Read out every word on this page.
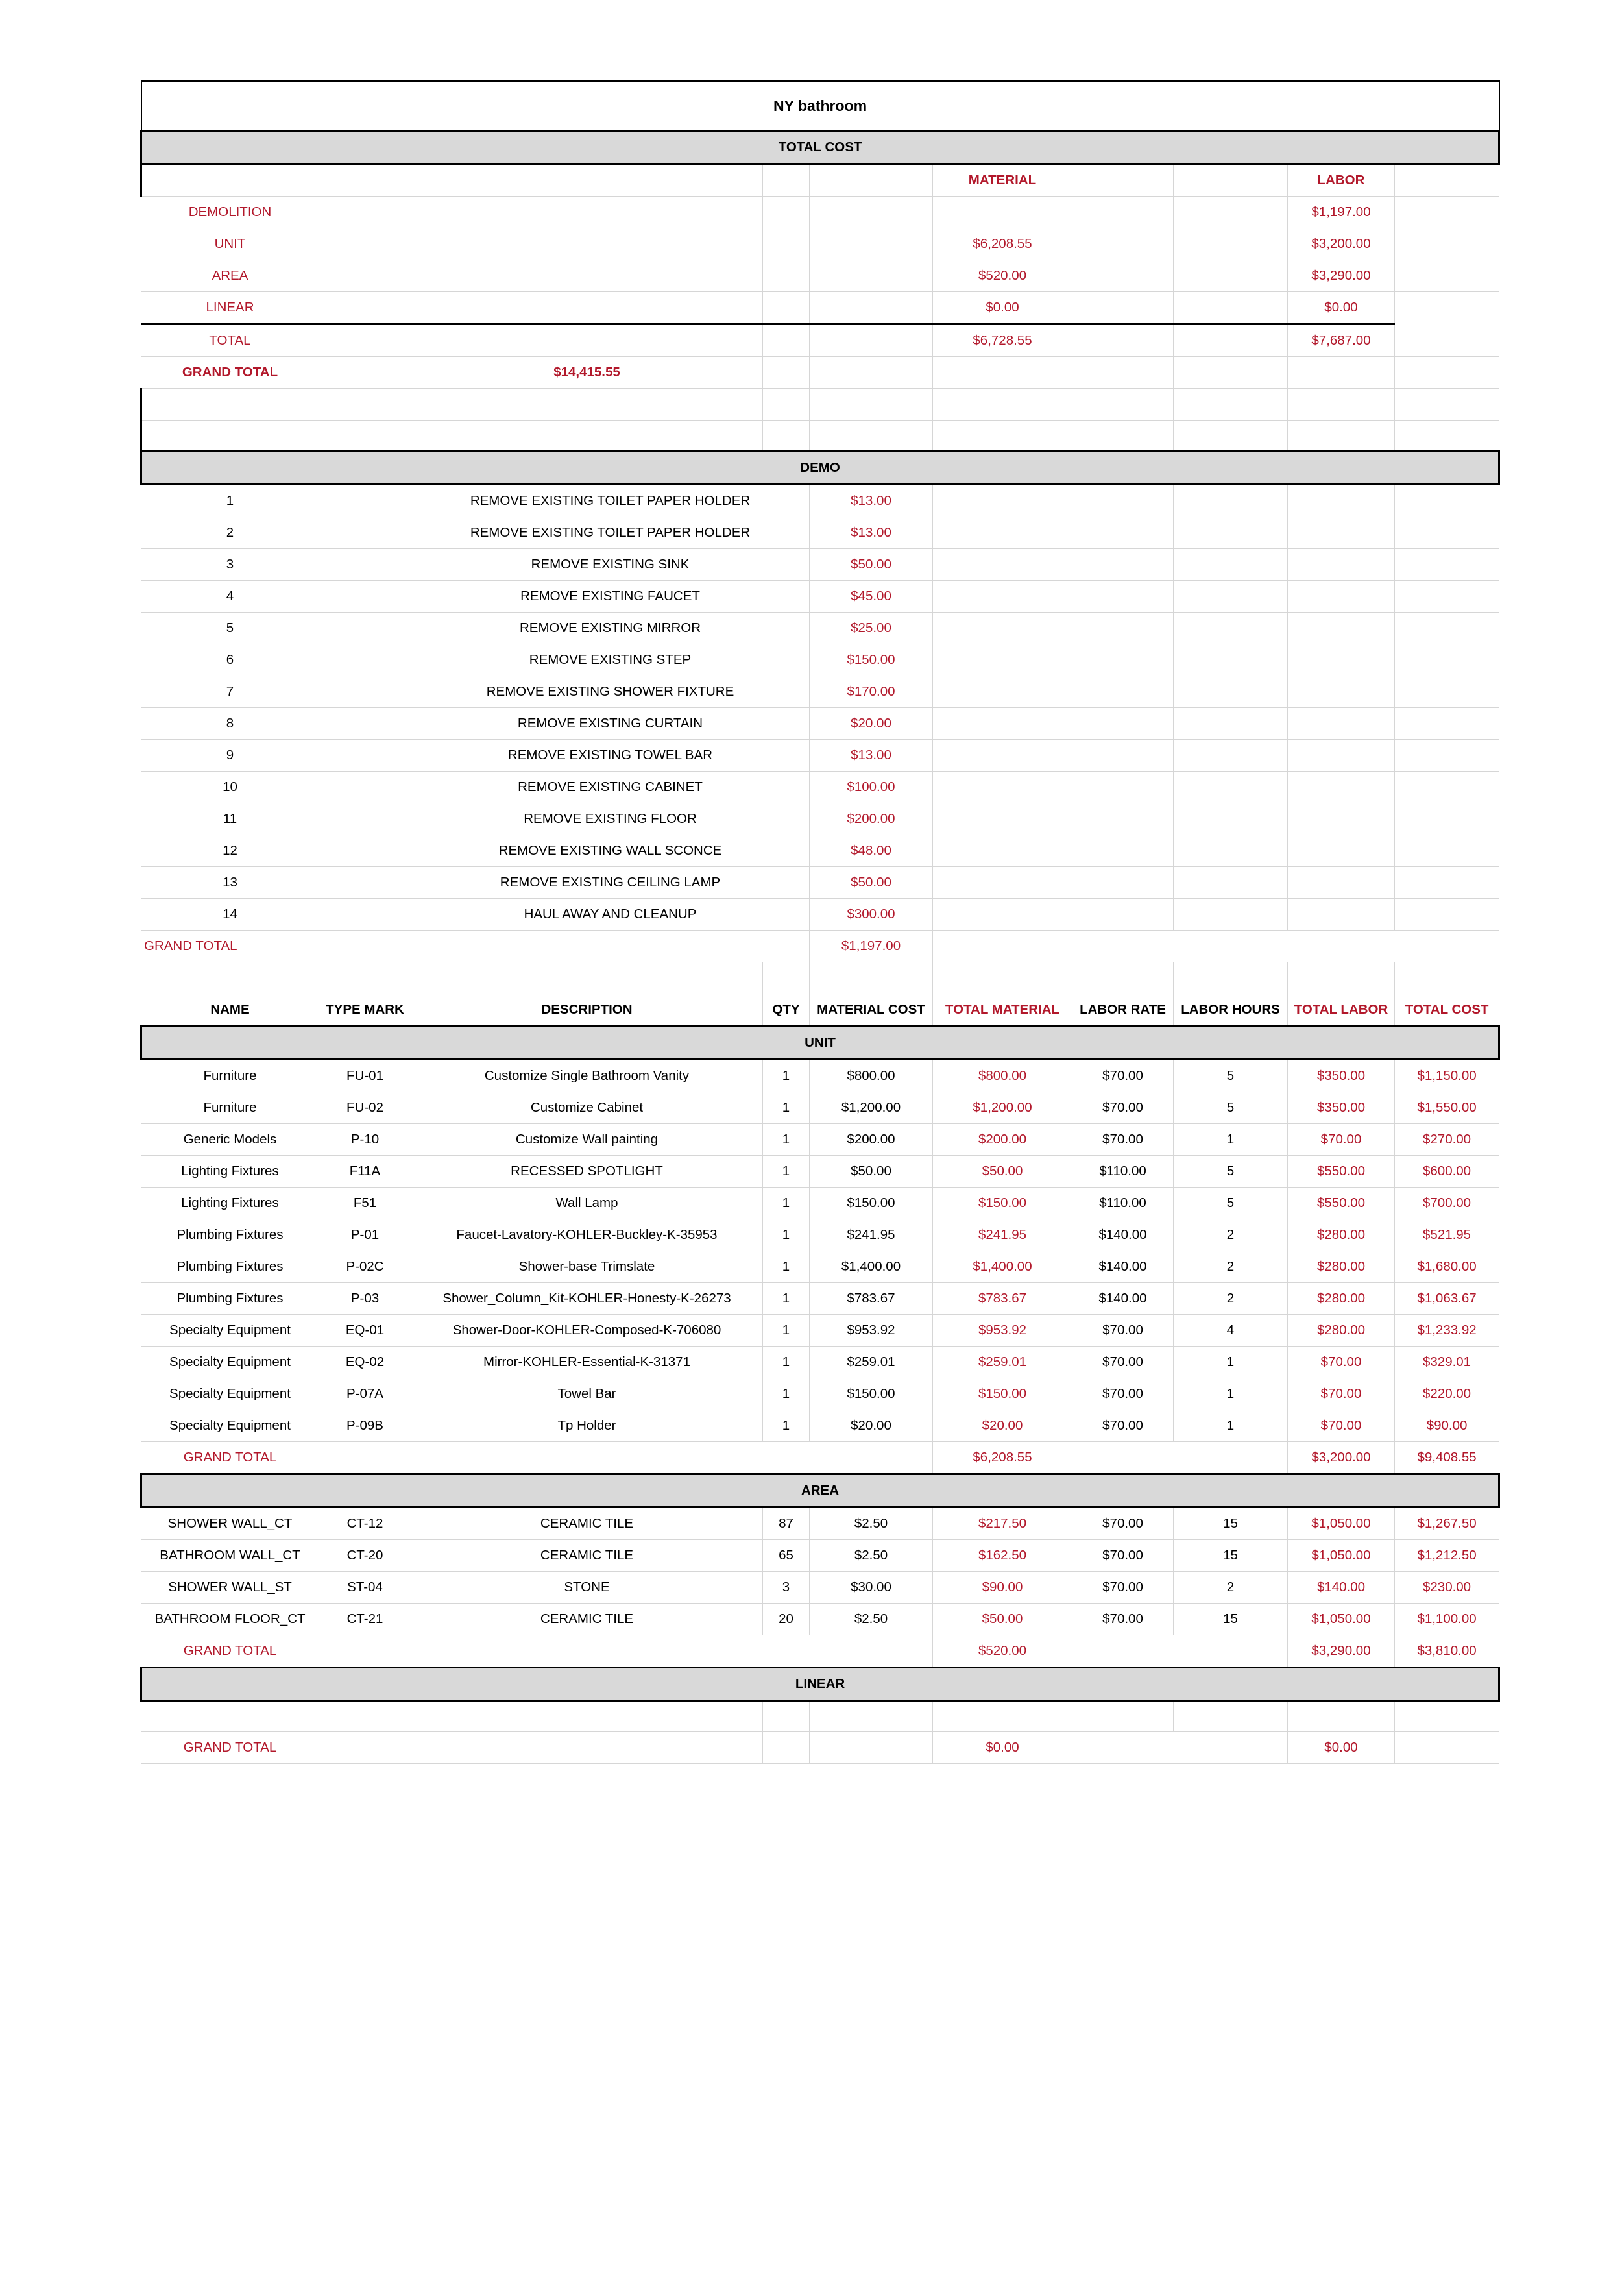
NY bathroom									
TOTAL COST									
					MATERIAL			LABOR	
DEMOLITION								$1,197.00	
UNIT					$6,208.55			$3,200.00	
AREA					$520.00			$3,290.00	
LINEAR					$0.00			$0.00	
TOTAL					$6,728.55			$7,687.00	
GRAND TOTAL		$14,415.55							

DEMO									
1		REMOVE EXISTING TOILET PAPER HOLDER		$13.00					
2		REMOVE EXISTING TOILET PAPER HOLDER		$13.00					
3		REMOVE EXISTING SINK		$50.00					
4		REMOVE EXISTING FAUCET		$45.00					
5		REMOVE EXISTING MIRROR		$25.00					
6		REMOVE EXISTING STEP		$150.00					
7		REMOVE EXISTING SHOWER FIXTURE		$170.00					
8		REMOVE EXISTING CURTAIN		$20.00					
9		REMOVE EXISTING TOWEL BAR		$13.00					
10		REMOVE EXISTING CABINET		$100.00					
11		REMOVE EXISTING FLOOR		$200.00					
12		REMOVE EXISTING WALL SCONCE		$48.00					
13		REMOVE EXISTING CEILING LAMP		$50.00					
14		HAUL AWAY AND CLEANUP		$300.00					
GRAND TOTAL				$1,197.00					

NAME	TYPE MARK	DESCRIPTION	QTY	MATERIAL COST	TOTAL MATERIAL	LABOR RATE	LABOR HOURS	TOTAL LABOR	TOTAL COST
UNIT									
Furniture	FU-01	Customize Single Bathroom Vanity	1	$800.00	$800.00	$70.00	5	$350.00	$1,150.00
Furniture	FU-02	Customize Cabinet	1	$1,200.00	$1,200.00	$70.00	5	$350.00	$1,550.00
Generic Models	P-10	Customize Wall painting	1	$200.00	$200.00	$70.00	1	$70.00	$270.00
Lighting Fixtures	F11A	RECESSED SPOTLIGHT	1	$50.00	$50.00	$110.00	5	$550.00	$600.00
Lighting Fixtures	F51	Wall Lamp	1	$150.00	$150.00	$110.00	5	$550.00	$700.00
Plumbing Fixtures	P-01	Faucet-Lavatory-KOHLER-Buckley-K-35953	1	$241.95	$241.95	$140.00	2	$280.00	$521.95
Plumbing Fixtures	P-02C	Shower-base Trimslate	1	$1,400.00	$1,400.00	$140.00	2	$280.00	$1,680.00
Plumbing Fixtures	P-03	Shower_Column_Kit-KOHLER-Honesty-K-26273	1	$783.67	$783.67	$140.00	2	$280.00	$1,063.67
Specialty Equipment	EQ-01	Shower-Door-KOHLER-Composed-K-706080	1	$953.92	$953.92	$70.00	4	$280.00	$1,233.92
Specialty Equipment	EQ-02	Mirror-KOHLER-Essential-K-31371	1	$259.01	$259.01	$70.00	1	$70.00	$329.01
Specialty Equipment	P-07A	Towel Bar	1	$150.00	$150.00	$70.00	1	$70.00	$220.00
Specialty Equipment	P-09B	Tp Holder	1	$20.00	$20.00	$70.00	1	$70.00	$90.00
GRAND TOTAL					$6,208.55			$3,200.00	$9,408.55
AREA									
SHOWER WALL_CT	CT-12	CERAMIC TILE	87	$2.50	$217.50	$70.00	15	$1,050.00	$1,267.50
BATHROOM WALL_CT	CT-20	CERAMIC TILE	65	$2.50	$162.50	$70.00	15	$1,050.00	$1,212.50
SHOWER WALL_ST	ST-04	STONE	3	$30.00	$90.00	$70.00	2	$140.00	$230.00
BATHROOM FLOOR_CT	CT-21	CERAMIC TILE	20	$2.50	$50.00	$70.00	15	$1,050.00	$1,100.00
GRAND TOTAL					$520.00			$3,290.00	$3,810.00
LINEAR									

GRAND TOTAL					$0.00			$0.00	
